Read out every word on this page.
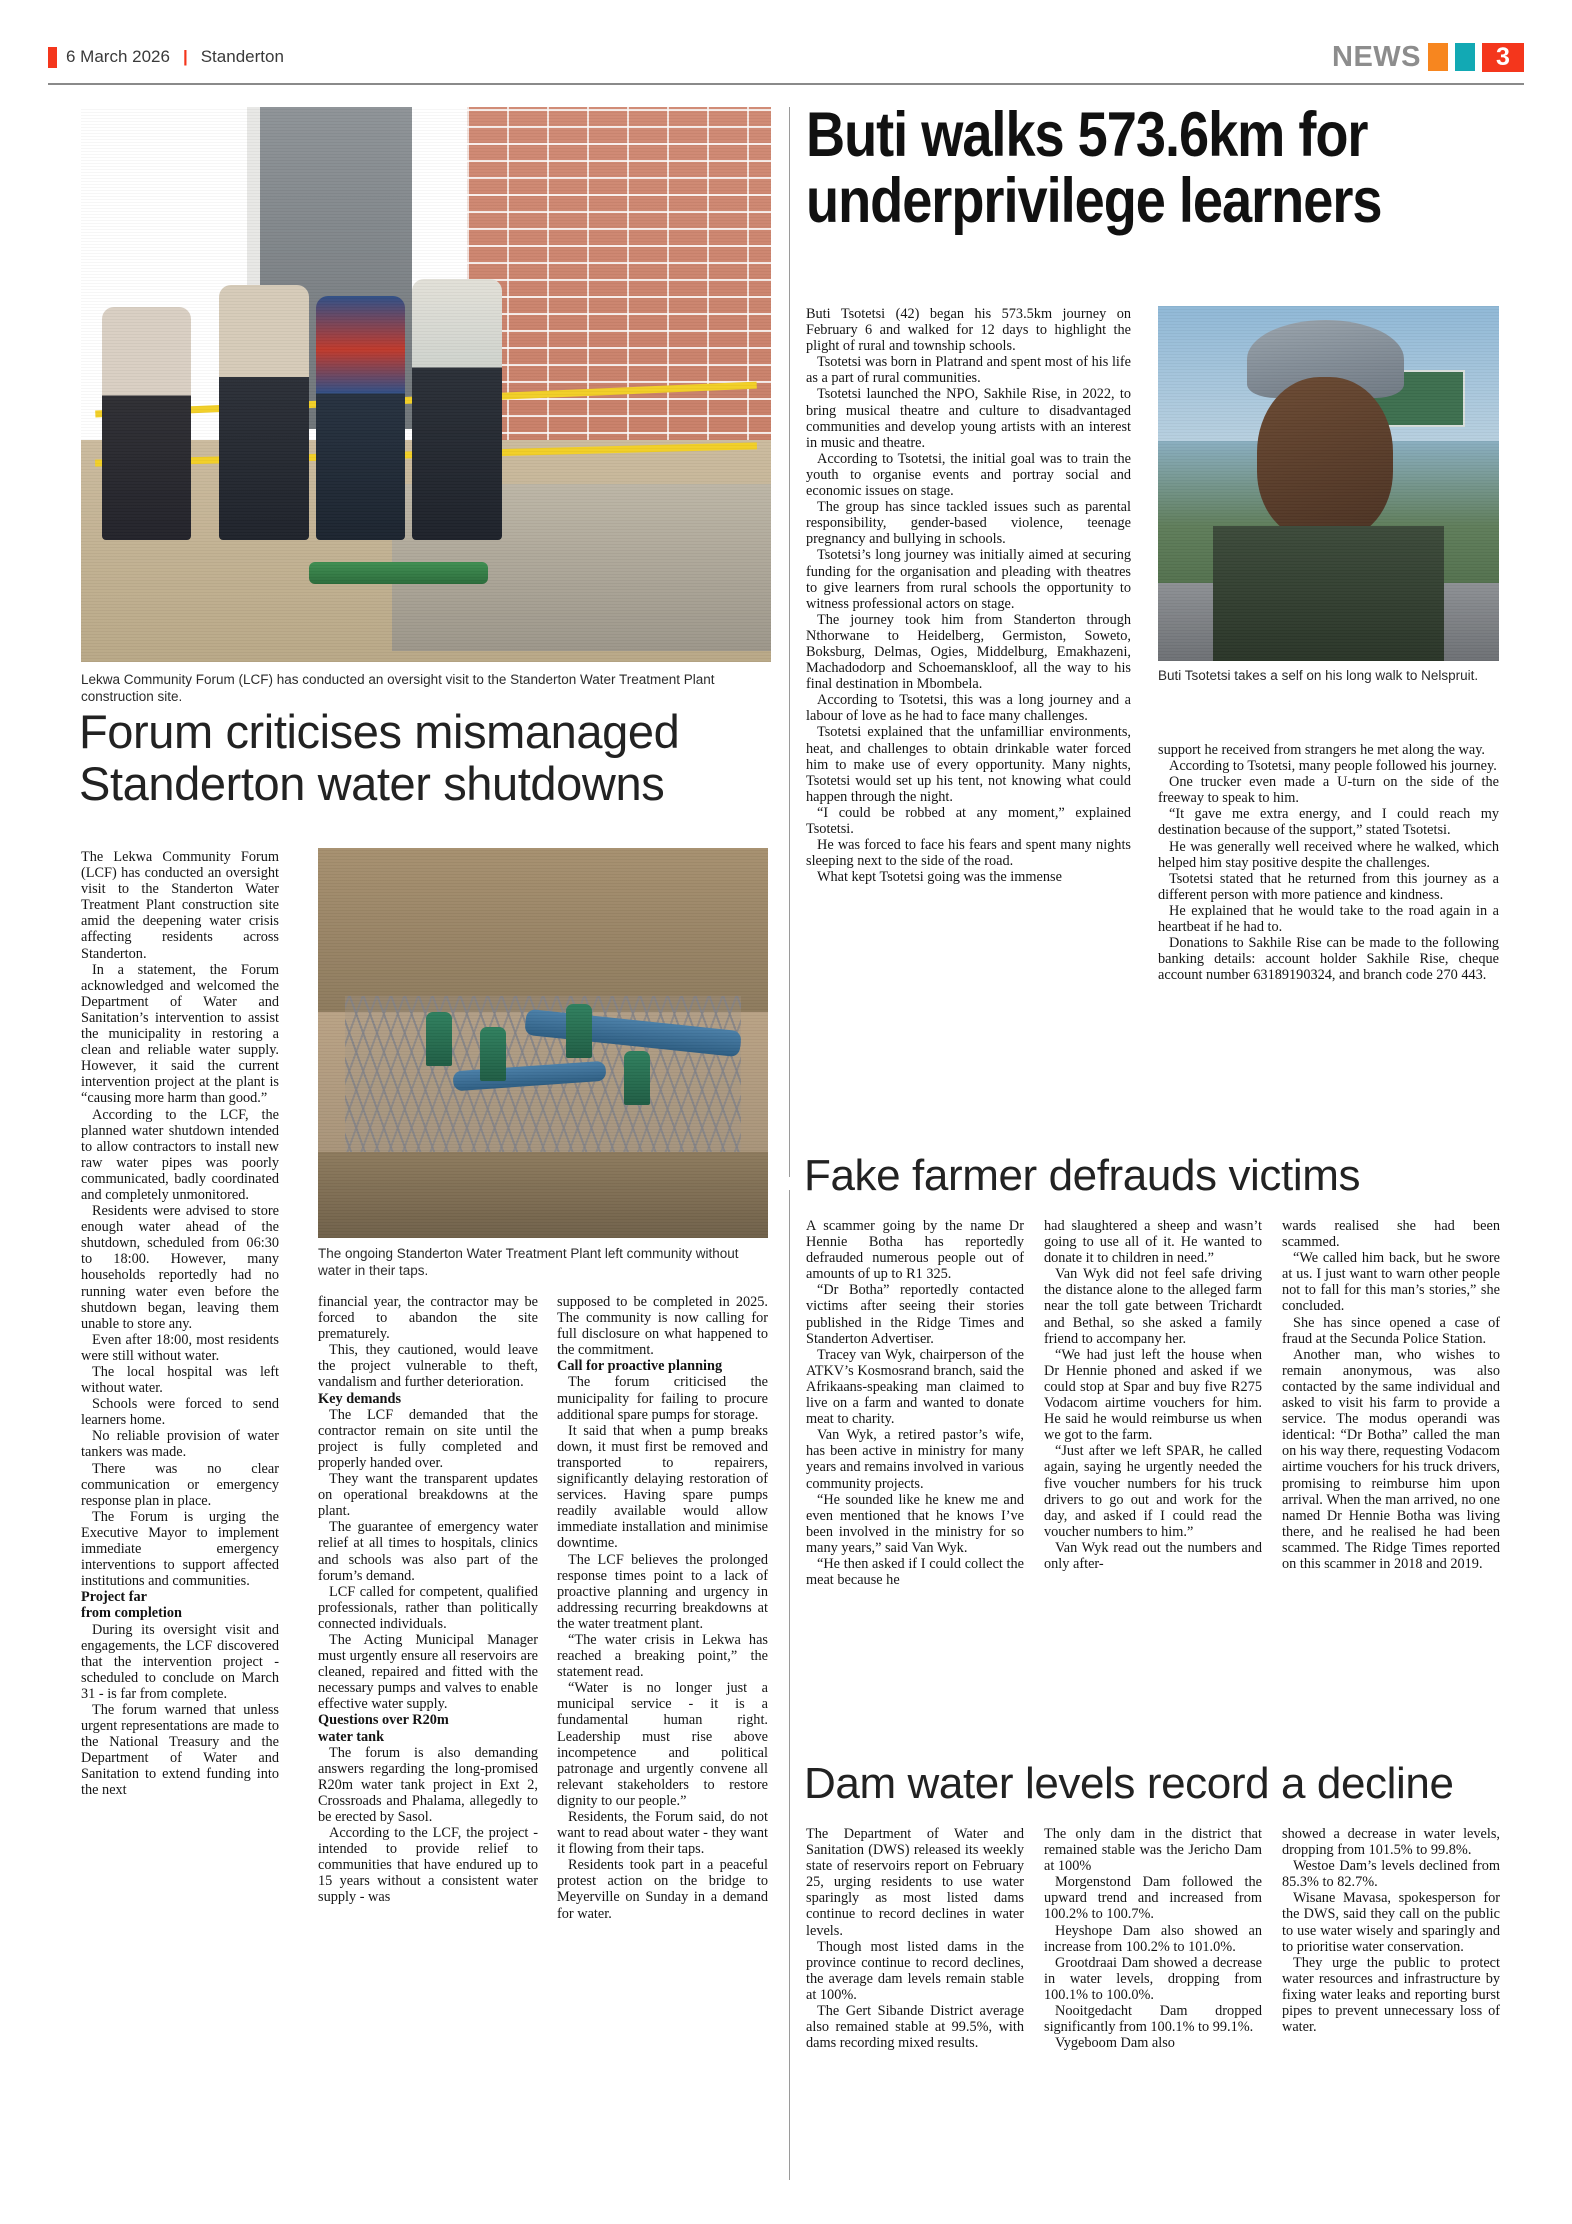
6 March 2026 | Standerton	NEWS	3
Lekwa Community Forum (LCF) has conducted an oversight visit to the Standerton Water Treatment Plant construction site.
Buti walks 573.6km for
underprivilege learners
Buti Tsotetsi takes a self on his long walk to Nelspruit.

Buti Tsotetsi (42) began his 573.5km journey on February 6 and walked for 12 days to highlight the plight of rural and township schools.

Tsotetsi was born in Platrand and spent most of his life as a part of rural communities.

Tsotetsi launched the NPO, Sakhile Rise, in 2022, to bring musical theatre and culture to disadvantaged communities and develop young artists with an interest in music and theatre.

According to Tsotetsi, the initial goal was to train the youth to organise events and portray social and economic issues on stage.

The group has since tackled issues such as parental responsibility, gender-based violence, teenage pregnancy and bullying in schools.

Tsotetsi’s long journey was initially aimed at securing funding for the organisation and pleading with theatres to give learners from rural schools the opportunity to witness professional actors on stage.

The journey took him from Standerton through Nthorwane to Heidelberg, Germiston, Soweto, Boksburg, Delmas, Ogies, Middelburg, Emakhazeni, Machadodorp and Schoemanskloof, all the way to his final destination in Mbombela.

According to Tsotetsi, this was a long journey and a labour of love as he had to face many challenges.

Tsotetsi explained that the unfamilliar environments, heat, and challenges to obtain drinkable water forced him to make use of every opportunity. Many nights, Tsotetsi would set up his tent, not knowing what could happen through the night.

“I could be robbed at any moment,” explained Tsotetsi.

He was forced to face his fears and spent many nights sleeping next to the side of the road.

What kept Tsotetsi going was the immense

support he received from strangers he met along the way.

According to Tsotetsi, many people followed his journey.

One trucker even made a U-turn on the side of the freeway to speak to him.

“It gave me extra energy, and I could reach my destination because of the support,” stated Tsotetsi.

He was generally well received where he walked, which helped him stay positive despite the challenges.

Tsotetsi stated that he returned from this journey as a different person with more patience and kindness.

He explained that he would take to the road again in a heartbeat if he had to.

Donations to Sakhile Rise can be made to the following banking details: account holder Sakhile Rise, cheque account number 63189190324, and branch code 270 443.

Forum criticises mismanaged
Standerton water shutdowns
The ongoing Standerton Water Treatment Plant left community without water in their taps.

The Lekwa Community Forum (LCF) has conducted an oversight visit to the Standerton Water Treatment Plant construction site amid the deepening water crisis affecting residents across Standerton.

In a statement, the Forum acknowledged and welcomed the Department of Water and Sanitation’s intervention to assist the municipality in restoring a clean and reliable water supply. However, it said the current intervention project at the plant is “causing more harm than good.”

According to the LCF, the planned water shutdown intended to allow contractors to install new raw water pipes was poorly communicated, badly coordinated and completely unmonitored.

Residents were advised to store enough water ahead of the shutdown, scheduled from 06:30 to 18:00. However, many households reportedly had no running water even before the shutdown began, leaving them unable to store any.

Even after 18:00, most residents were still without water.

The local hospital was left without water.

Schools were forced to send learners home.

No reliable provision of water tankers was made.

There was no clear communication or emergency response plan in place.

The Forum is urging the Executive Mayor to implement immediate emergency interventions to support affected institutions and communities.

Project far

from completion

During its oversight visit and engagements, the LCF discovered that the intervention project - scheduled to conclude on March 31 - is far from complete.

The forum warned that unless urgent representations are made to the National Treasury and the Department of Water and Sanitation to extend funding into the next

financial year, the contractor may be forced to abandon the site prematurely.

This, they cautioned, would leave the project vulnerable to theft, vandalism and further deterioration.

Key demands

The LCF demanded that the contractor remain on site until the project is fully completed and properly handed over.

They want the transparent updates on operational breakdowns at the plant.

The guarantee of emergency water relief at all times to hospitals, clinics and schools was also part of the forum’s demand.

LCF called for competent, qualified professionals, rather than politically connected individuals.

The Acting Municipal Manager must urgently ensure all reservoirs are cleaned, repaired and fitted with the necessary pumps and valves to enable effective water supply.

Questions over R20m

water tank

The forum is also demanding answers regarding the long-promised R20m water tank project in Ext 2, Crossroads and Phalama, allegedly to be erected by Sasol.

According to the LCF, the project - intended to provide relief to communities that have endured up to 15 years without a consistent water supply - was

supposed to be completed in 2025. The community is now calling for full disclosure on what happened to the commitment.

Call for proactive planning

The forum criticised the municipality for failing to procure additional spare pumps for storage.

It said that when a pump breaks down, it must first be removed and transported to repairers, significantly delaying restoration of services. Having spare pumps readily available would allow immediate installation and minimise downtime.

The LCF believes the prolonged response times point to a lack of proactive planning and urgency in addressing recurring breakdowns at the water treatment plant.

“The water crisis in Lekwa has reached a breaking point,” the statement read.

“Water is no longer just a municipal service - it is a fundamental human right. Leadership must rise above incompetence and political patronage and urgently convene all relevant stakeholders to restore dignity to our people.”

Residents, the Forum said, do not want to read about water - they want it flowing from their taps.

Residents took part in a peaceful protest action on the bridge to Meyerville on Sunday in a demand for water.

Fake farmer defrauds victims

A scammer going by the name Dr Hennie Botha has reportedly defrauded numerous people out of amounts of up to R1 325.

“Dr Botha” reportedly contacted victims after seeing their stories published in the Ridge Times and Standerton Advertiser.

Tracey van Wyk, chairperson of the ATKV’s Kosmosrand branch, said the Afrikaans-speaking man claimed to live on a farm and wanted to donate meat to charity.

Van Wyk, a retired pastor’s wife, has been active in ministry for many years and remains involved in various community projects.

“He sounded like he knew me and even mentioned that he knows I’ve been involved in the ministry for so many years,” said Van Wyk.

“He then asked if I could collect the meat because he

had slaughtered a sheep and wasn’t going to use all of it. He wanted to donate it to children in need.”

Van Wyk did not feel safe driving the distance alone to the alleged farm near the toll gate between Trichardt and Bethal, so she asked a family friend to accompany her.

“We had just left the house when Dr Hennie phoned and asked if we could stop at Spar and buy five R275 Vodacom airtime vouchers for him. He said he would reimburse us when we got to the farm.

“Just after we left SPAR, he called again, saying he urgently needed the five voucher numbers for his truck drivers to go out and work for the day, and asked if I could read the voucher numbers to him.”

Van Wyk read out the numbers and only after-

wards realised she had been scammed.

“We called him back, but he swore at us. I just want to warn other people not to fall for this man’s stories,” she concluded.

She has since opened a case of fraud at the Secunda Police Station.

Another man, who wishes to remain anonymous, was also contacted by the same individual and asked to visit his farm to provide a service. The modus operandi was identical: “Dr Botha” called the man on his way there, requesting Vodacom airtime vouchers for his truck drivers, promising to reimburse him upon arrival. When the man arrived, no one named Dr Hennie Botha was living there, and he realised he had been scammed. The Ridge Times reported on this scammer in 2018 and 2019.

Dam water levels record a decline

The Department of Water and Sanitation (DWS) released its weekly state of reservoirs report on February 25, urging residents to use water sparingly as most listed dams continue to record declines in water levels.

Though most listed dams in the province continue to record declines, the average dam levels remain stable at 100%.

The Gert Sibande District average also remained stable at 99.5%, with dams recording mixed results.

The only dam in the district that remained stable was the Jericho Dam at 100%

Morgenstond Dam followed the upward trend and increased from 100.2% to 100.7%.

Heyshope Dam also showed an increase from 100.2% to 101.0%.

Grootdraai Dam showed a decrease in water levels, dropping from 100.1% to 100.0%.

Nooitgedacht Dam dropped significantly from 100.1% to 99.1%.

Vygeboom Dam also

showed a decrease in water levels, dropping from 101.5% to 99.8%.

Westoe Dam’s levels declined from 85.3% to 82.7%.

Wisane Mavasa, spokesperson for the DWS, said they call on the public to use water wisely and sparingly and to prioritise water conservation.

They urge the public to protect water resources and infrastructure by fixing water leaks and reporting burst pipes to prevent unnecessary loss of water.
